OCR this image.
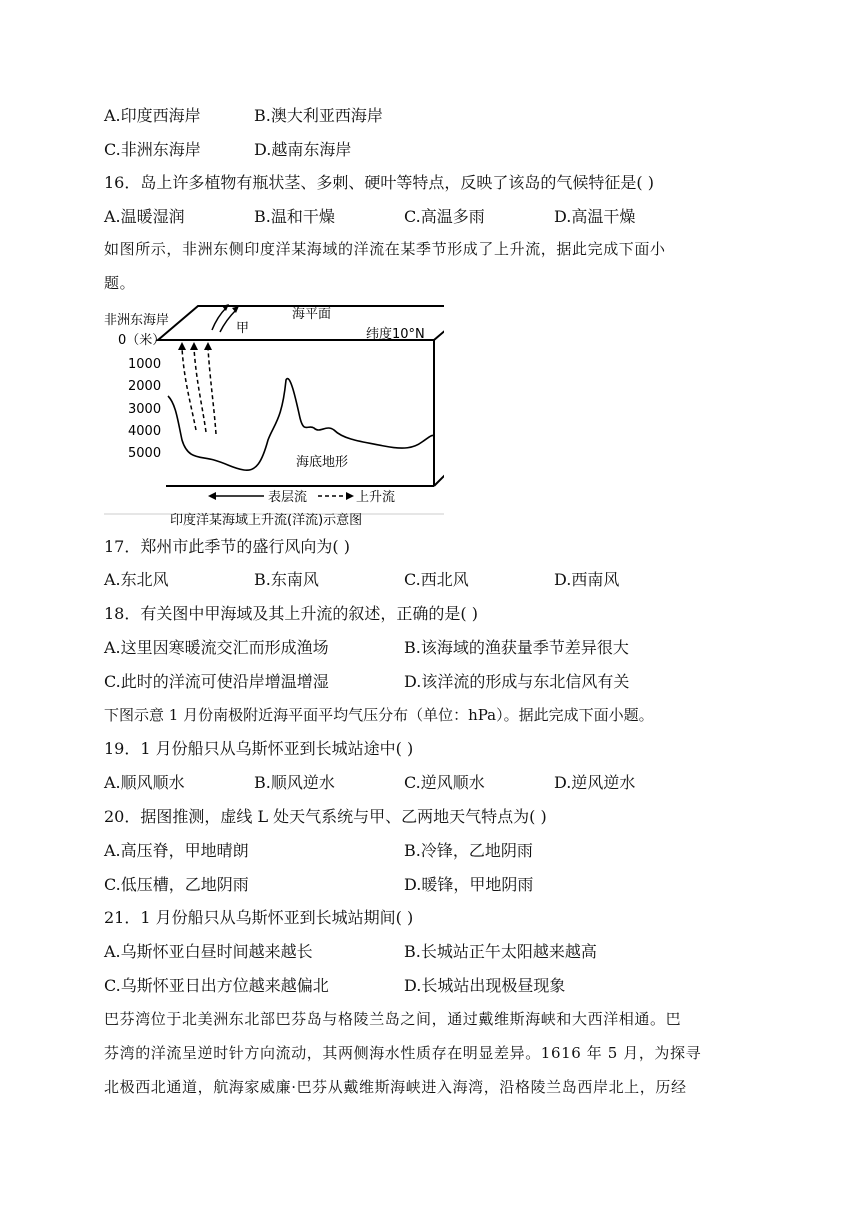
A.印度西海岸	B.澳大利亚西海岸
C.非洲东海岸	D.越南东海岸
16．岛上许多植物有瓶状茎、多刺、硬叶等特点，反映了该岛的气候特征是( )
A.温暖湿润	B.温和干燥	C.高温多雨	D.高温干燥
如图所示，非洲东侧印度洋某海域的洋流在某季节形成了上升流，据此完成下面小
题。
非洲东海岸
0（米）
1000
2000
3000
4000
5000
甲
海平面
纬度10°N
海底地形
表层流	上升流
印度洋某海域上升流(洋流)示意图
17．郑州市此季节的盛行风向为( )
A.东北风	B.东南风	C.西北风	D.西南风
18．有关图中甲海域及其上升流的叙述，正确的是( )
A.这里因寒暖流交汇而形成渔场	B.该海域的渔获量季节差异很大
C.此时的洋流可使沿岸增温增湿	D.该洋流的形成与东北信风有关
下图示意 1 月份南极附近海平面平均气压分布（单位：hPa）。据此完成下面小题。
19．1 月份船只从乌斯怀亚到长城站途中( )
A.顺风顺水	B.顺风逆水	C.逆风顺水	D.逆风逆水
20．据图推测，虚线 L 处天气系统与甲、乙两地天气特点为( )
A.高压脊，甲地晴朗	B.冷锋，乙地阴雨
C.低压槽，乙地阴雨	D.暖锋，甲地阴雨
21．1 月份船只从乌斯怀亚到长城站期间( )
A.乌斯怀亚白昼时间越来越长	B.长城站正午太阳越来越高
C.乌斯怀亚日出方位越来越偏北	D.长城站出现极昼现象
巴芬湾位于北美洲东北部巴芬岛与格陵兰岛之间，通过戴维斯海峡和大西洋相通。巴
芬湾的洋流呈逆时针方向流动，其两侧海水性质存在明显差异。1616 年 5 月，为探寻
北极西北通道，航海家威廉·巴芬从戴维斯海峡进入海湾，沿格陵兰岛西岸北上，历经
